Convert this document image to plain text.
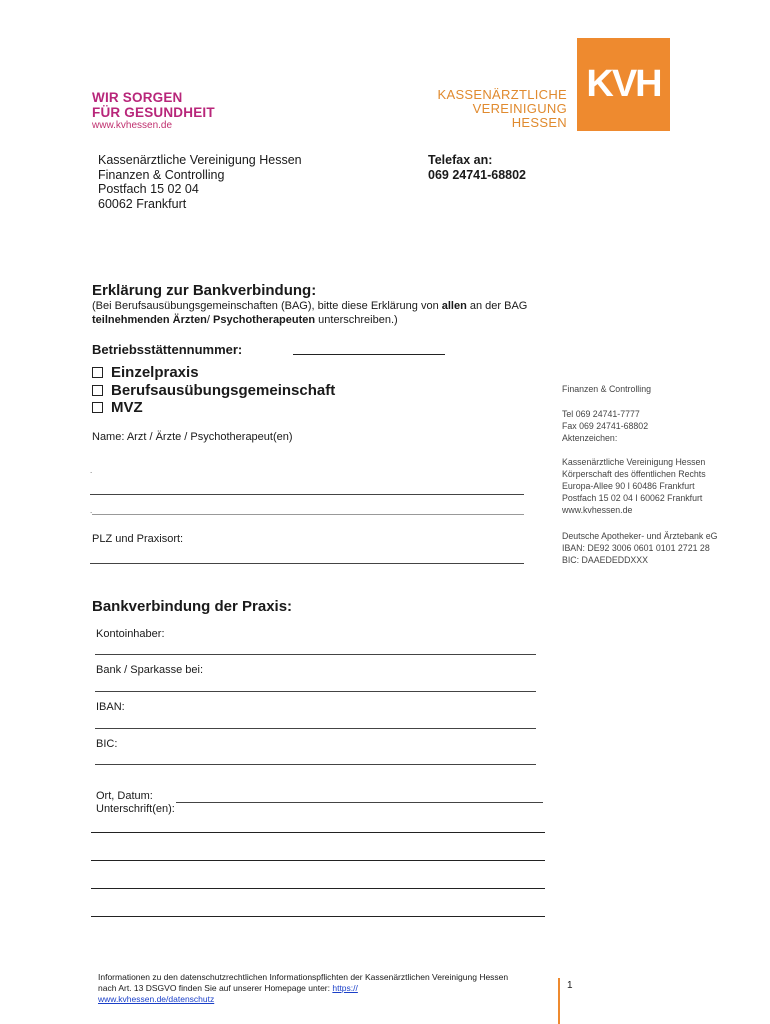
WIR SORGEN
FÜR GESUNDHEIT
www.kvhessen.de
KASSENÄRZTLICHE
VEREINIGUNG
HESSEN
KVH
Kassenärztliche Vereinigung Hessen
Finanzen & Controlling
Postfach 15 02 04
60062 Frankfurt
Telefax an:
069 24741-68802
Erklärung zur Bankverbindung:
(Bei Berufsausübungsgemeinschaften (BAG), bitte diese Erklärung von allen an der BAG teilnehmenden Ärzten/ Psychotherapeuten unterschreiben.)
Betriebsstättennummer:
Einzelpraxis
Berufsausübungsgemeinschaft
MVZ
Name: Arzt / Ärzte / Psychotherapeut(en)
.
.
PLZ und Praxisort:
Finanzen & Controlling
Tel 069 24741-7777
Fax 069 24741-68802
Aktenzeichen:
Kassenärztliche Vereinigung Hessen
Körperschaft des öffentlichen Rechts
Europa-Allee 90 I 60486 Frankfurt
Postfach 15 02 04 I 60062 Frankfurt
www.kvhessen.de
Deutsche Apotheker- und Ärztebank eG
IBAN: DE92 3006 0601 0101 2721 28
BIC: DAAEDEDDXXX
Bankverbindung der Praxis:
Kontoinhaber:
Bank / Sparkasse bei:
IBAN:
BIC:
Ort, Datum:
Unterschrift(en):
Informationen zu den datenschutzrechtlichen Informationspflichten der Kassenärztlichen Vereinigung Hessen nach Art. 13 DSGVO finden Sie auf unserer Homepage unter: https://
www.kvhessen.de/datenschutz
1
